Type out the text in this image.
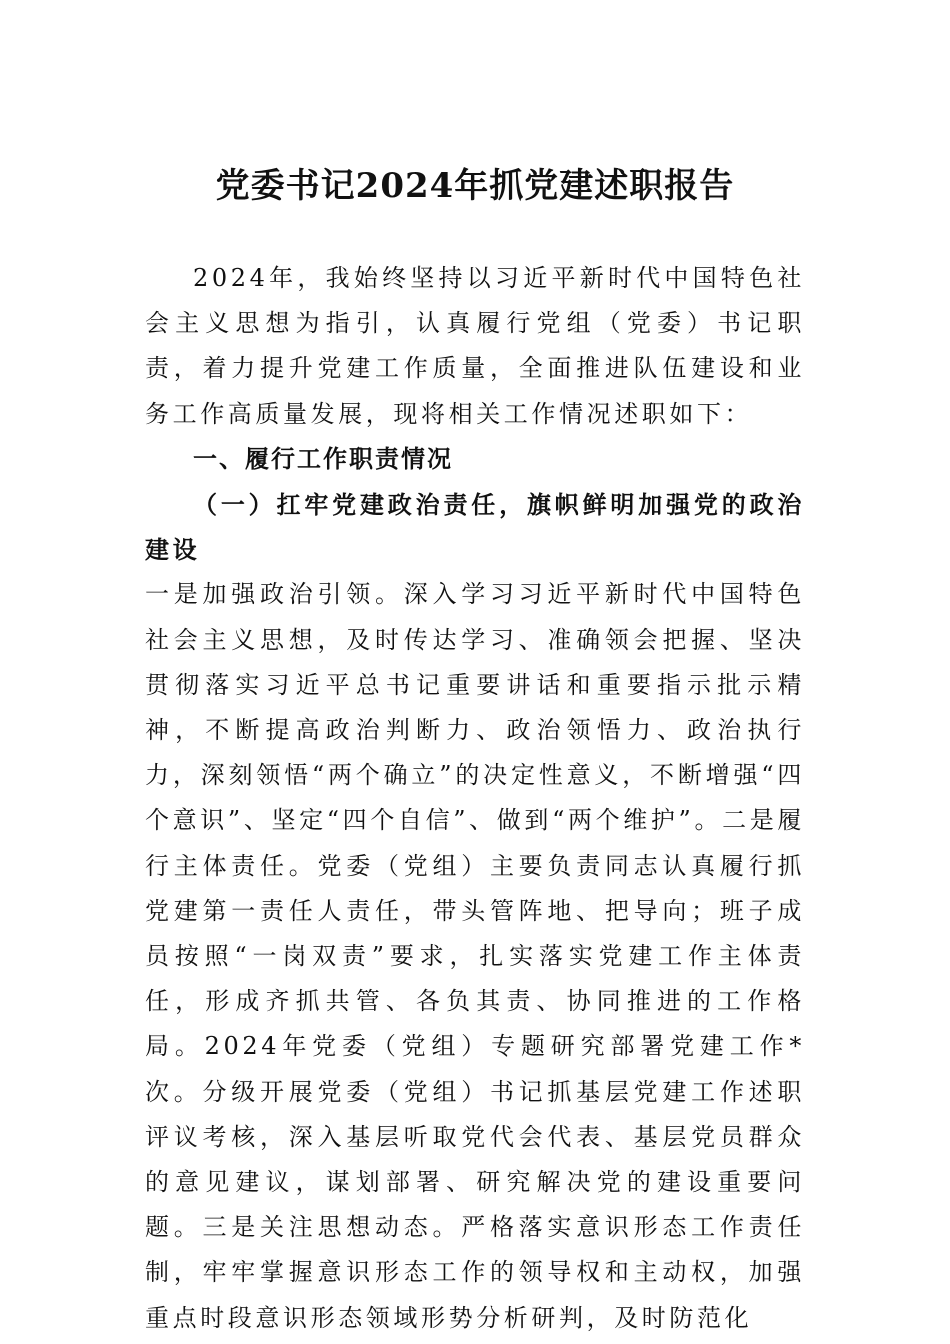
党委书记2024年抓党建述职报告

2024年，我始终坚持以习近平新时代中国特色社会主义思想为指引，认真履行党组（党委）书记职责，着力提升党建工作质量，全面推进队伍建设和业务工作高质量发展，现将相关工作情况述职如下：

一、履行工作职责情况

（一）扛牢党建政治责任，旗帜鲜明加强党的政治建设

一是加强政治引领。深入学习习近平新时代中国特色社会主义思想，及时传达学习、准确领会把握、坚决贯彻落实习近平总书记重要讲话和重要指示批示精神，不断提高政治判断力、政治领悟力、政治执行力，深刻领悟“两个确立”的决定性意义，不断增强“四个意识”、坚定“四个自信”、做到“两个维护”。二是履行主体责任。党委（党组）主要负责同志认真履行抓党建第一责任人责任，带头管阵地、把导向；班子成员按照“一岗双责”要求，扎实落实党建工作主体责任，形成齐抓共管、各负其责、协同推进的工作格局。2024年党委（党组）专题研究部署党建工作*次。分级开展党委（党组）书记抓基层党建工作述职评议考核，深入基层听取党代会代表、基层党员群众的意见建议，谋划部署、研究解决党的建设重要问题。三是关注思想动态。严格落实意识形态工作责任制，牢牢掌握意识形态工作的领导权和主动权，加强重点时段意识形态领域形势分析研判，及时防范化
